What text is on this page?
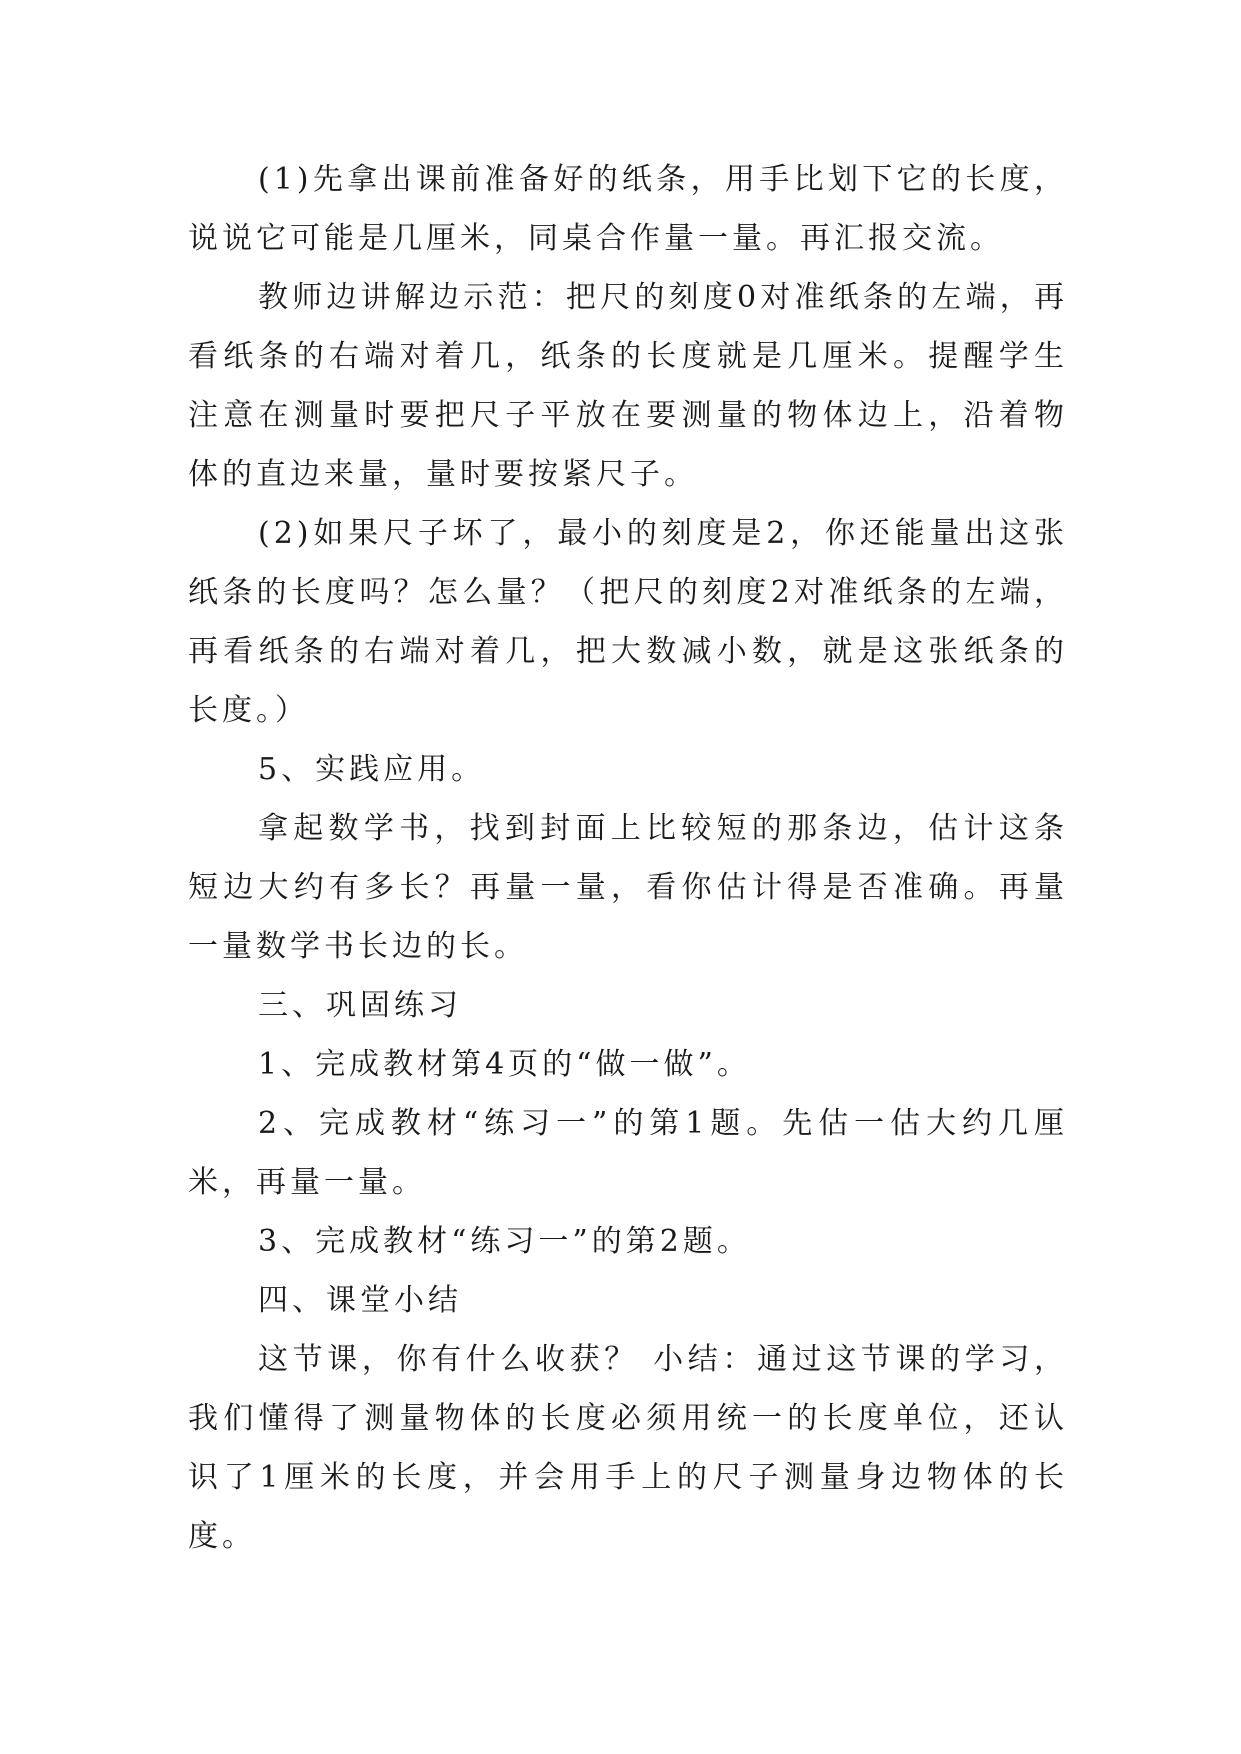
(1)先拿出课前准备好的纸条，用手比划下它的长度，说说它可能是几厘米，同桌合作量一量。再汇报交流。

教师边讲解边示范：把尺的刻度0对准纸条的左端，再看纸条的右端对着几，纸条的长度就是几厘米。提醒学生注意在测量时要把尺子平放在要测量的物体边上，沿着物体的直边来量，量时要按紧尺子。

(2)如果尺子坏了，最小的刻度是2，你还能量出这张纸条的长度吗？怎么量？（把尺的刻度2对准纸条的左端，再看纸条的右端对着几，把大数减小数，就是这张纸条的长度。）

5、实践应用。

拿起数学书，找到封面上比较短的那条边，估计这条短边大约有多长？再量一量，看你估计得是否准确。再量一量数学书长边的长。

三、巩固练习

1、完成教材第4页的“做一做”。

2、完成教材“练习一”的第1题。先估一估大约几厘米，再量一量。

3、完成教材“练习一”的第2题。

四、课堂小结

这节课，你有什么收获？ 小结：通过这节课的学习，我们懂得了测量物体的长度必须用统一的长度单位，还认识了1厘米的长度，并会用手上的尺子测量身边物体的长度。
